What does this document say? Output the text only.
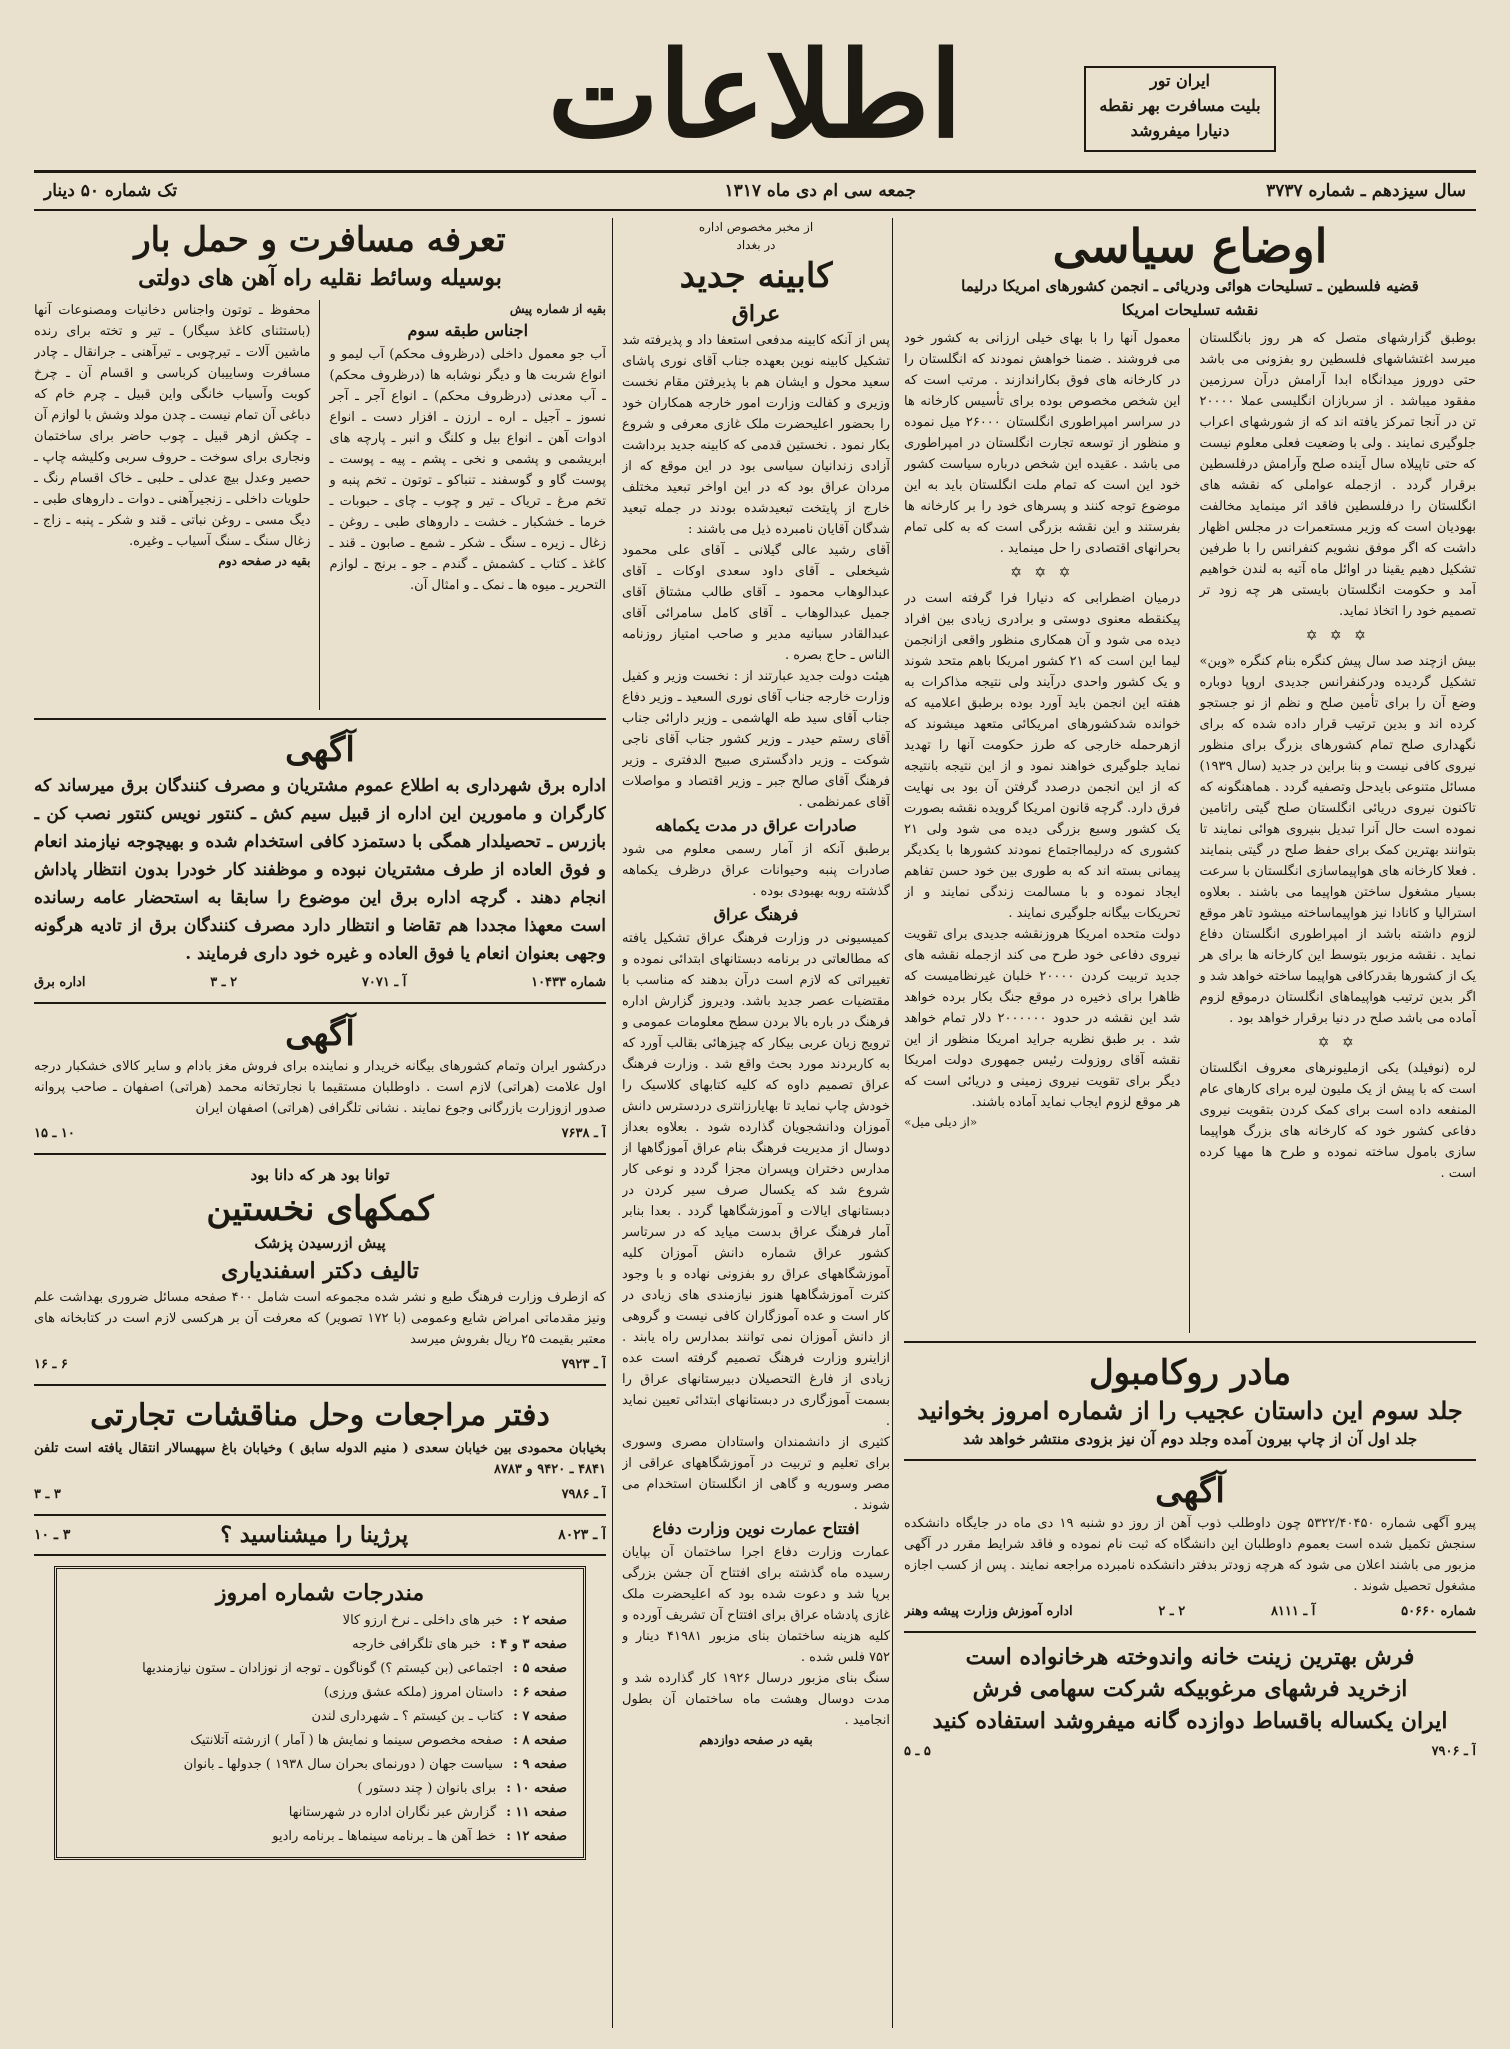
اطلاعات	ایران تور
بلیت مسافرت بهر نقطه
دنیارا میفروشد
سال سیزدهم ـ شماره ۳۷۳۷
جمعه سی ام دی ماه ۱۳۱۷
تک شماره ۵۰ دینار
اوضاع سیاسی
قضیه فلسطین ـ تسلیحات هوائی ودریائی ـ انجمن کشورهای امریکا درلیما
نقشه تسلیحات امریکا

بوطبق گزارشهای متصل که هر روز بانگلستان میرسد اغتشاشهای فلسطین رو بفزونی می باشد حتی دوروز میدانگاه ابدا آرامش درآن سرزمین مفقود میباشد . از سربازان انگلیسی عملا ۲۰۰۰۰ تن در آنجا تمرکز یافته اند که از شورشهای اعراب جلوگیری نمایند . ولی با وضعیت فعلی معلوم نیست که حتی تاپیلاه سال آینده صلح وآرامش درفلسطین برقرار گردد . ازجمله عواملی که نقشه های انگلستان را درفلسطین فاقد اثر مینماید مخالفت بهودیان است که وزیر مستعمرات در مجلس اظهار داشت که اگر موفق نشویم کنفرانس را با طرفین تشکیل دهیم یقینا در اوائل ماه آتیه به لندن خواهیم آمد و حکومت انگلستان بایستی هر چه زود تر تصمیم خود را اتخاذ نماید.

✡ ✡ ✡

بیش ازچند صد سال پیش کنگره بنام کنگره «وین» تشکیل گردیده ودرکنفرانس جدیدی اروپا دوباره وضع آن را برای تأمین صلح و نظم از نو جستجو کرده اند و بدین ترتیب قرار داده شده که برای نگهداری صلح تمام کشورهای بزرگ برای منظور نیروی کافی نیست و بنا براین در جدید (سال ۱۹۳۹) مسائل متنوعی بایدحل وتصفیه گردد . هماهنگونه که تاکنون نیروی دریائی انگلستان صلح گیتی راتامین نموده است حال آنرا تبدیل بنیروی هوائی نمایند تا بتوانند بهترین کمک برای حفظ صلح در گیتی بنمایند . فعلا کارخانه های هواپیماسازی انگلستان با سرعت بسیار مشغول ساختن هواپیما می باشند . بعلاوه استرالیا و کانادا نیز هواپیماساخته میشود تاهر موقع لزوم داشته باشد از امپراطوری انگلستان دفاع نماید . نقشه مزبور بتوسط این کارخانه ها برای هر یک از کشورها بقدرکافی هواپیما ساخته خواهد شد و اگر بدین ترتیب هواپیماهای انگلستان درموقع لزوم آماده می باشد صلح در دنیا برقرار خواهد بود .

✡ ✡

لره (نوفیلد) یکی ازملیونرهای معروف انگلستان است که با پیش از یک ملیون لیره برای کارهای عام المنفعه داده است برای کمک کردن بتقویت نیروی دفاعی کشور خود که کارخانه های بزرگ هواپیما سازی بامول ساخته نموده و طرح ها مهیا کرده است .

معمول آنها را با بهای خیلی ارزانی به کشور خود می فروشند . ضمنا خواهش نمودند که انگلستان را در کارخانه های فوق بکاراندازند . مرتب است که این شخص مخصوص بوده برای تأسیس کارخانه ها در سراسر امپراطوری انگلستان ۲۶۰۰۰ میل نموده و منظور از توسعه تجارت انگلستان در امپراطوری می باشد . عقیده این شخص درباره سیاست کشور خود این است که تمام ملت انگلستان باید به این موضوع توجه کنند و پسرهای خود را بر کارخانه ها بفرستند و این نقشه بزرگی است که به کلی تمام بحرانهای اقتصادی را حل مینماید .

✡ ✡ ✡

درمیان اضطرابی که دنیارا فرا گرفته است در پیکنقطه معنوی دوستی و برادری زیادی بین افراد دیده می شود و آن همکاری منظور واقعی ازانجمن لیما این است که ۲۱ کشور امریکا باهم متحد شوند و یک کشور واحدی درآیند ولی نتیجه مذاکرات به هفته این انجمن باید آورد بوده برطبق اعلامیه که خوانده شدکشورهای امریکائی متعهد میشوند که ازهرحمله خارجی که طرز حکومت آنها را تهدید نماید جلوگیری خواهند نمود و از این نتیجه بانتیجه که از این انجمن درصدد گرفتن آن بود بی نهایت فرق دارد. گرچه قانون امریکا گرویده نقشه بصورت یک کشور وسیع بزرگی دیده می شود ولی ۲۱ کشوری که درلیمااجتماع نمودند کشورها با یکدیگر پیمانی بسته اند که به طوری بین خود حسن تفاهم ایجاد نموده و با مسالمت زندگی نمایند و از تحریکات بیگانه جلوگیری نمایند .

دولت متحده امریکا هروزنقشه جدیدی برای تقویت نیروی دفاعی خود طرح می کند ازجمله نقشه های جدید تربیت کردن ۲۰۰۰۰ خلبان غیرنظامیست که ظاهرا برای ذخیره در موقع جنگ بکار برده خواهد شد این نقشه در حدود ۲۰۰۰۰۰۰ دلار تمام خواهد شد . بر طبق نظریه جراید امریکا منظور از این نقشه آقای روزولت رئیس جمهوری دولت امریکا دیگر برای تقویت نیروی زمینی و دریائی است که هر موقع لزوم ایجاب نماید آماده باشند.

«از دیلی میل»
مادر روکامبول
جلد سوم این داستان عجیب را از شماره امروز بخوانید
جلد اول آن از چاپ بیرون آمده وجلد دوم آن نیز بزودی منتشر خواهد شد
آگهی
پیرو آگهی شماره ۵۳۲۲/۴۰۴۵۰ چون داوطلب ذوب آهن از روز دو شنبه ۱۹ دی ماه در جایگاه دانشکده سنجش تکمیل شده است بعموم داوطلبان این دانشگاه که ثبت نام نموده و فاقد شرایط مقرر در آگهی مزبور می باشند اعلان می شود که هرچه زودتر بدفتر دانشکده نامبرده مراجعه نمایند . پس از کسب اجازه مشغول تحصیل شوند .
شماره ۵۰۶۶۰
آ ـ ۸۱۱۱
۲ ـ ۲
اداره آموزش وزارت پیشه وهنر
فرش بهترین زینت خانه واندوخته هرخانواده است
ازخرید فرشهای مرغوبیکه شرکت سهامی فرش
ایران یکساله باقساط دوازده گانه میفروشد استفاده کنید
آ ـ ۷۹۰۶
۵ ـ ۵
از مخبر مخصوص اداره
در بغداد
کابینه جدید
عراق
پس از آنکه کابینه مدفعی استعفا داد و پذیرفته شد تشکیل کابینه نوین بعهده جناب آقای نوری پاشای سعید محول و ایشان هم با پذیرفتن مقام نخست وزیری و کفالت وزارت امور خارجه همکاران خود را بحضور اعلیحضرت ملک غازی معرفی و شروع بکار نمود . نخستین قدمی که کابینه جدید برداشت آزادی زندانیان سیاسی بود در این موقع که از مردان عراق بود که در این اواخر تبعید مختلف خارج از پایتخت تبعیدشده بودند در جمله تبعید شدگان آقایان نامبرده ذیل می باشند :
آقای رشید عالی گیلانی ـ آقای علی محمود شیخعلی ـ آقای داود سعدی اوکات ـ آقای عبدالوهاب محمود ـ آقای طالب مشتاق آقای جمیل عبدالوهاب ـ آقای کامل سامرائی آقای عبدالقادر سبانیه مدیر و صاحب امتیاز روزنامه الناس ـ حاج بصره .
هیئت دولت جدید عبارتند از : نخست وزیر و کفیل وزارت خارجه جناب آقای نوری السعید ـ وزیر دفاع جناب آقای سید طه الهاشمی ـ وزیر دارائی جناب آقای رستم حیدر ـ وزیر کشور جناب آقای ناجی شوکت ـ وزیر دادگستری صبیح الدفتری ـ وزیر فرهنگ آقای صالح جبر ـ وزیر اقتصاد و مواصلات آقای عمرنظمی .
صادرات عراق در مدت یکماهه
برطبق آنکه از آمار رسمی معلوم می شود صادرات پنبه وحیوانات عراق درظرف یکماهه گذشته روبه بهبودی بوده .
فرهنگ عراق
کمیسیونی در وزارت فرهنگ عراق تشکیل یافته که مطالعاتی در برنامه دبستانهای ابتدائی نموده و تغییراتی که لازم است درآن بدهند که مناسب با مقتضیات عصر جدید باشد. ودیروز گزارش اداره فرهنگ در باره بالا بردن سطح معلومات عمومی و ترویج زبان عربی بیکار که چیزهائی بقالب آورد که به کاربردند مورد بحث واقع شد . وزارت فرهنگ عراق تصمیم داوه که کلیه کتابهای کلاسیک را خودش چاپ نماید تا بهایارزانتری دردسترس دانش آموزان ودانشجویان گذارده شود . بعلاوه بعداز دوسال از مدیریت فرهنگ بنام عراق آموزگاهها از مدارس دختران وپسران مجزا گردد و نوعی کار شروع شد که یکسال صرف سیر کردن در دبستانهای ایالات و آموزشگاهها گردد . بعدا بنابر آمار فرهنگ عراق بدست میاید که در سرتاسر کشور عراق شماره دانش آموزان کلیه آموزشگاههای عراق رو بفزونی نهاده و با وجود کثرت آموزشگاهها هنوز نیازمندی های زیادی در کار است و عده آموزگاران کافی نیست و گروهی از دانش آموزان نمی توانند بمدارس راه یابند . ازاینرو وزارت فرهنگ تصمیم گرفته است عده زیادی از فارغ التحصیلان دبیرستانهای عراق را بسمت آموزگاری در دبستانهای ابتدائی تعیین نماید .
کثیری از دانشمندان واستادان مصری وسوری برای تعلیم و تربیت در آموزشگاههای عراقی از مصر وسوریه و گاهی از انگلستان استخدام می شوند .
افتتاح عمارت نوین وزارت دفاع
عمارت وزارت دفاع اجرا ساختمان آن بپایان رسیده ماه گذشته برای افتتاح آن جشن بزرگی برپا شد و دعوت شده بود که اعلیحضرت ملک غازی پادشاه عراق برای افتتاح آن تشریف آورده و کلیه هزینه ساختمان بنای مزبور ۴۱۹۸۱ دینار و ۷۵۲ فلس شده .
سنگ بنای مزبور درسال ۱۹۲۶ کار گذارده شد و مدت دوسال وهشت ماه ساختمان آن بطول انجامید .
بقیه در صفحه دوازدهم
تعرفه مسافرت و حمل بار
بوسیله وسائط نقلیه راه آهن های دولتی
بقیه از شماره پیش
اجناس طبقه سوم
آب جو معمول داخلی (درظروف محکم) آب لیمو و انواع شربت ها و دیگر نوشابه ها (درظروف محکم) ـ آب معدنی (درظروف محکم) ـ انواع آجر ـ آجر نسوز ـ آجیل ـ اره ـ ارزن ـ افزار دست ـ انواع ادوات آهن ـ انواع بیل و کلنگ و انبر ـ پارچه های ابریشمی و پشمی و نخی ـ پشم ـ پیه ـ پوست ـ پوست گاو و گوسفند ـ تنباکو ـ توتون ـ تخم پنبه و تخم مرغ ـ تریاک ـ تیر و چوب ـ چای ـ حبوبات ـ خرما ـ خشکبار ـ خشت ـ داروهای طبی ـ روغن ـ زغال ـ زیره ـ سنگ ـ شکر ـ شمع ـ صابون ـ قند ـ کاغذ ـ کتاب ـ کشمش ـ گندم ـ جو ـ برنج ـ لوازم التحریر ـ میوه ها ـ نمک ـ و امثال آن.
محفوظ ـ توتون واجناس دخانیات ومصنوعات آنها (باستثنای کاغذ سیگار) ـ تیر و تخته برای رنده ماشین آلات ـ تیرچوبی ـ تیرآهنی ـ جرانقال ـ چادر مسافرت وساییبان کرباسی و اقسام آن ـ چرخ کوبت وآسیاب خانگی واین قبیل ـ چرم خام که دباغی آن تمام نیست ـ چدن مولد وشش با لوازم آن ـ چکش ازهر قبیل ـ چوب حاضر برای ساختمان ونجاری برای سوخت ـ حروف سربی وکلیشه چاپ ـ حصیر وعدل بیچ عدلی ـ حلبی ـ خاک اقسام رنگ ـ حلویات داخلی ـ زنجیرآهنی ـ دوات ـ داروهای طبی ـ دیگ مسی ـ روغن نباتی ـ قند و شکر ـ پنبه ـ زاج ـ زغال سنگ ـ سنگ آسیاب ـ وغیره.
بقیه در صفحه دوم
آگهی
اداره برق شهرداری به اطلاع عموم مشتریان و مصرف کنندگان برق میرساند که کارگران و مامورین این اداره از قبیل سیم کش ـ کنتور نویس کنتور نصب کن ـ بازرس ـ تحصیلدار همگی با دستمزد کافی استخدام شده و بهیچوجه نیازمند انعام و فوق العاده از طرف مشتریان نبوده و موظفند کار خودرا بدون انتظار پاداش انجام دهند . گرچه اداره برق این موضوع را سابقا به استحضار عامه رسانده است معهذا مجددا هم تقاضا و انتظار دارد مصرف کنندگان برق از تادیه هرگونه وجهی بعنوان انعام یا فوق العاده و غیره خود داری فرمایند .
شماره ۱۰۴۳۳
آ ـ ۷۰۷۱
۲ ـ ۳
اداره برق
آگهی
درکشور ایران وتمام کشورهای بیگانه خریدار و نماینده برای فروش مغز بادام و سایر کالای خشکبار درجه اول علامت (هراتی) لازم است . داوطلبان مستقیما با نجارتخانه محمد (هراتی) اصفهان ـ صاحب پروانه صدور ازوزارت بازرگانی وجوع نمایند . نشانی تلگرافی (هراتی) اصفهان ایران
آ ـ ۷۶۳۸
۱۰ ـ ۱۵
توانا بود هر که دانا بود
کمکهای نخستین
پیش ازرسیدن پزشک
تالیف دکتر اسفندیاری
که ازطرف وزارت فرهنگ طبع و نشر شده مجموعه است شامل ۴۰۰ صفحه مسائل ضروری بهداشت علم ونیز مقدماتی امراض شایع وعمومی (با ۱۷۲ تصویر) که معرفت آن بر هرکسی لازم است در کتابخانه های معتبر بقیمت ۲۵ ریال بفروش میرسد
آ ـ ۷۹۲۳
۶ ـ ۱۶
دفتر مراجعات وحل مناقشات تجارتی
بخیابان محمودی بین خیابان سعدی ( منیم الدوله سابق ) وخیابان باغ سپهسالار انتقال یافته است تلفن ۴۸۴۱ ـ ۹۴۲۰ و ۸۷۸۳
آ ـ ۷۹۸۶
۳ ـ ۳
آ ـ ۸۰۲۳
پرژینا را میشناسید ؟
۳ ـ ۱۰
مندرجات شماره امروز
صفحه ۲ :
خبر های داخلی ـ نرخ ارزو کالا
صفحه ۳ و ۴ :
خبر های تلگرافی خارجه
صفحه ۵ :
اجتماعی (بن کیستم ؟) گوناگون ـ توجه از نوزادان ـ ستون نیازمندیها
صفحه ۶ :
داستان امروز (ملکه عشق ورزی)
صفحه ۷ :
کتاب ـ بن کیستم ؟ ـ شهرداری لندن
صفحه ۸ :
صفحه مخصوص سینما و نمایش ها ( آمار ) ازرشته آتلانتیک
صفحه ۹ :
سیاست جهان ( دورنمای بحران سال ۱۹۳۸ ) جدولها ـ بانوان
صفحه ۱۰ :
برای بانوان ( چند دستور )
صفحه ۱۱ :
گزارش عبر نگاران اداره در شهرستانها
صفحه ۱۲ :
خط آهن ها ـ برنامه سینماها ـ برنامه رادیو
